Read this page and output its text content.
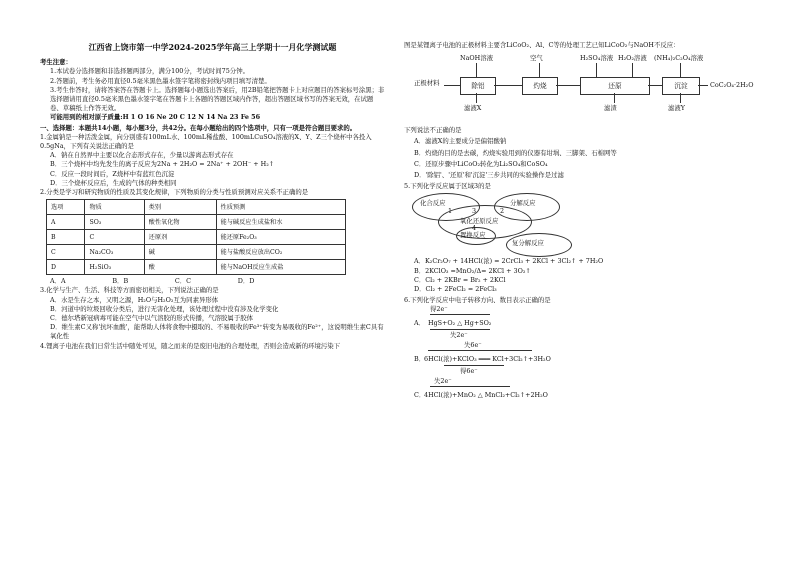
江西省上饶市第一中学2024-2025学年高三上学期十一月化学测试题

考生注意：

1.本试卷分选择题和非选择题两部分，满分100分，考试时间75分钟。

2.答题前，考生务必用直径0.5毫米黑色墨水签字笔将密封线内项目填写清楚。

3.考生作答时，请将答案答在答题卡上。选择题每小题选出答案后，用2B铅笔把答题卡上对应题目的答案标号涂黑；非选择题请用直径0.5毫米黑色墨水签字笔在答题卡上各题的答题区域内作答，超出答题区域书写的答案无效，在试题卷、草稿纸上作答无效。

可能用到的相对原子质量:H 1 O 16 Ne 20 C 12 N 14 Na 23 Fe 56

一、选择题：本题共14小题，每小题3分，共42分。在每小题给出的四个选项中，只有一项是符合题目要求的。

1.金属钠是一种活泼金属，向分别盛有100mL水、100mL稀盐酸、100mLCuSO₄溶液的X、Y、Z三个烧杯中各投入0.5gNa，下列有关说法正确的是

A．钠在自然界中主要以化合态形式存在，少量以游离态形式存在

B．三个烧杯中均先发生的离子反应为2Na + 2H₂O = 2Na⁺ + 2OH⁻ + H₂↑

C．反应一段时间后，Z烧杯中有蓝红色沉淀

D．三个烧杯反应后，生成的气体的种类相同

2.分类是学习和研究物质的性质及其变化规律，下列物质的分类与性质预测对应关系不正确的是

选项	物质	类别	性质预测
A	SO₃	酸性氧化物	能与碱反应生成盐和水
B	C	还原剂	能还原Fe₂O₃
C	Na₂CO₃	碱	能与盐酸反应放出CO₂
D	H₂SiO₃	酸	能与NaOH反应生成盐

A．A	B．B	C．C	D．D

3.化学与生产、生活、科技等方面密切相关，下列说法正确的是

A．水是生存之本，又明之源，H₂O与H₂O₂互为同素异形体

B．河道中的垃圾回收分类后，进行无害化处理，该处理过程中没有涉及化学变化

C．德尔塔新冠病毒可能在空气中以气溶胶的形式传播，气溶胶属于胶体

D．维生素C又称'抗坏血酸'，能帮助人体将食物中摄取的、不易吸收的Fe³⁺转变为易吸收的Fe²⁺，这说明维生素C具有氧化性

4.锂离子电池在我们日常生活中随处可见，随之而来的是废旧电池的合理处理，否则会造成新的环境污染下

图是某锂离子电池的正极材料主要含LiCoO₂、Al、C等的处理工艺已知LiCoO₂与NaOH不反应：

NaOH溶液	空气	H₂SO₄溶液 H₂O₂溶液 (NH₄)₂C₂O₄溶液
正极材料	除铝	灼烧	还原	沉淀	CoC₂O₄·2H₂O
滤液X	滤渣	滤液Y

下列说法不正确的是

A．滤液X的主要成分是偏铝酸钠

B．灼烧的目的是去碳，灼烧实验用到的仪器有坩埚、三脚架、石棉网等

C．还原步骤中LiCoO₂转化为Li₂SO₄和CoSO₄

D．'除铝'、'还原'和'沉淀'三步共同的实验操作是过滤

5.下列化学反应属于区域3的是

化合反应	分解反应
氧化还原反应
置换反应
复分解反应
1	2
3
4

A．K₂Cr₂O₇ + 14HCl(浓) = 2CrCl₃ + 2KCl + 3Cl₂↑ + 7H₂O

B．2KClO₃ =MnO₂/Δ= 2KCl + 3O₂↑

C．Cl₂ + 2KBr = Br₂ + 2KCl

D．Cl₂ + 2FeCl₂ = 2FeCl₃

6.下列化学反应中电子转移方向、数目表示正确的是

A．
得2e⁻
HgS+O₂ △ Hg+SO₂
失2e⁻
B．
失6e⁻
6HCl(浓)+KClO₃ ═══ KCl+3Cl₂↑+3H₂O
得6e⁻
C．
失2e⁻
4HCl(浓)+MnO₂ △ MnCl₂+Cl₂↑+2H₂O
